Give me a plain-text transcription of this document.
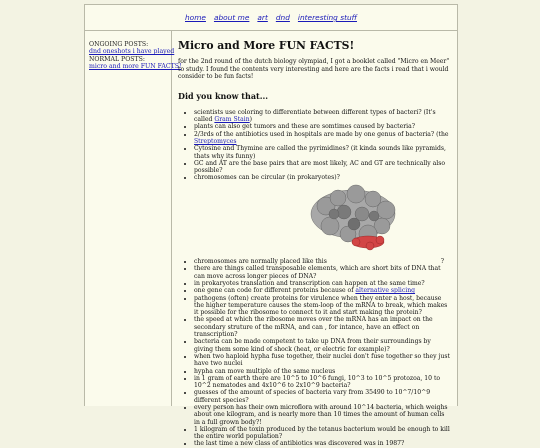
home about me art dnd interesting stuff
ONGOING POSTS:
dnd oneshots i have played
NORMAL POSTS:
micro and more FUN FACTS!
Micro and More FUN FACTS!

for the 2nd round of the dutch biology olympiad, I got a booklet called "Micro en Meer" to study. I found the contents very interesting and here are the facts i read that i would consider to be fun facts!

Did you know that...
• scientists use coloring to differentiate between different types of bacteri? (It's called Gram Stain)
• plants can also get tumors and these are somtimes caused by bacteria?
• 2/3rds of the antibiotics used in hospitals are made by one genus of bacteria? (the Streptomyces
• Cytosine and Thymine are called the pyrimidines? (it kinda sounds like pyramids, thats why its funny)
• GC and AT are the base pairs that are most likely, AC and GT are technically also possible?
• chromosomes can be circular (in prokaryotes)?
• chromosomes are normally placed like this	?
• there are things called transposable elements, which are short bits of DNA that can move across longer pieces of DNA?
• in prokaryotes translation and transcription can happen at the same time?
• one gene can code for different proteins because of alternative splicing
• pathogens (often) create proteins for virulence when they enter a host, because the higher temperature causes the stem-loop of the mRNA to break, which makes it possible for the ribosome to connect to it and start making the protein?
• the speed at which the ribosome moves over the mRNA has an impact on the secondary struture of the mRNA, and can , for intance, have an effect on transcription?
• bacteria can be made competent to take up DNA from their surroundings by giving them some kind of shock (heat, or electric for example)?
• when two haploid hypha fuse together, their nuclei don't fuse together so they just have two nuclei
• hypha can move multiple of the same nucleus
• in 1 gram of earth there are 10^5 to 10^6 fungi, 10^3 to 10^5 protozoa, 10 to 10^2 nematodes and 4x10^6 to 2x10^9 bacteria?
• guesses of the amount of species of bacteria vary from 35490 to 10^7/10^9 different species?
• every person has their own microflora with around 10^14 bacteria, which weighs about one kilogram, and is nearly more than 10 times the amount of human cells in a full grown body?!
• 1 kilogram of the toxin produced by the tetanus bacterium would be enough to kill the entire world population?
• the last time a new class of antibiotics was discovered was in 1987?
